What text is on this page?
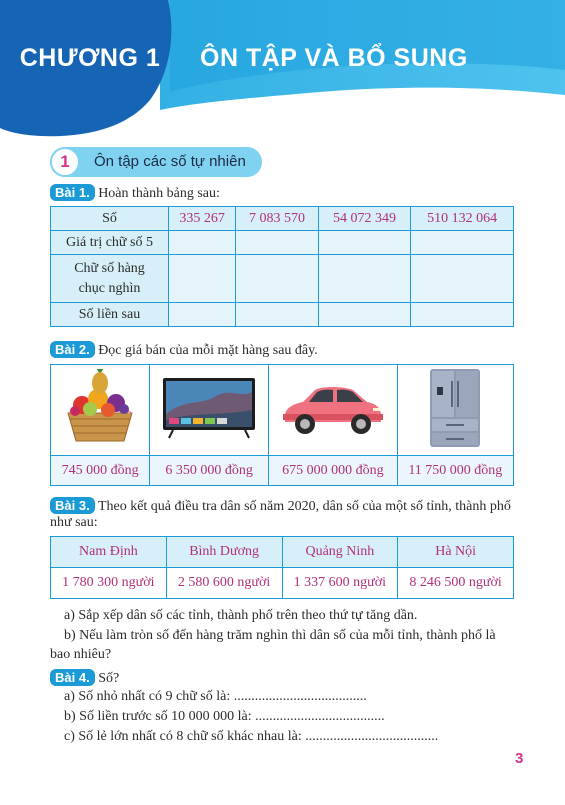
CHƯƠNG 1	ÔN TẬP VÀ BỔ SUNG
1	Ôn tập các số tự nhiên
Bài 1. Hoàn thành bảng sau:
Số	335 267	7 083 570	54 072 349	510 132 064
Giá trị chữ số 5				
Chữ số hàng
chục nghìn				
Số liền sau				
Bài 2. Đọc giá bán của mỗi mặt hàng sau đây.

745 000 đồng	6 350 000 đồng	675 000 000 đồng	11 750 000 đồng
Bài 3. Theo kết quả điều tra dân số năm 2020, dân số của một số tỉnh, thành phố
như sau:
Nam Định	Bình Dương	Quảng Ninh	Hà Nội
1 780 300 người	2 580 600 người	1 337 600 người	8 246 500 người
a) Sắp xếp dân số các tỉnh, thành phố trên theo thứ tự tăng dần.
b) Nếu làm tròn số đến hàng trăm nghìn thì dân số của mỗi tỉnh, thành phố là
bao nhiêu?
Bài 4. Số?
a) Số nhỏ nhất có 9 chữ số là: ......................................
b) Số liền trước số 10 000 000 là: .....................................
c) Số lẻ lớn nhất có 8 chữ số khác nhau là: ......................................
3
